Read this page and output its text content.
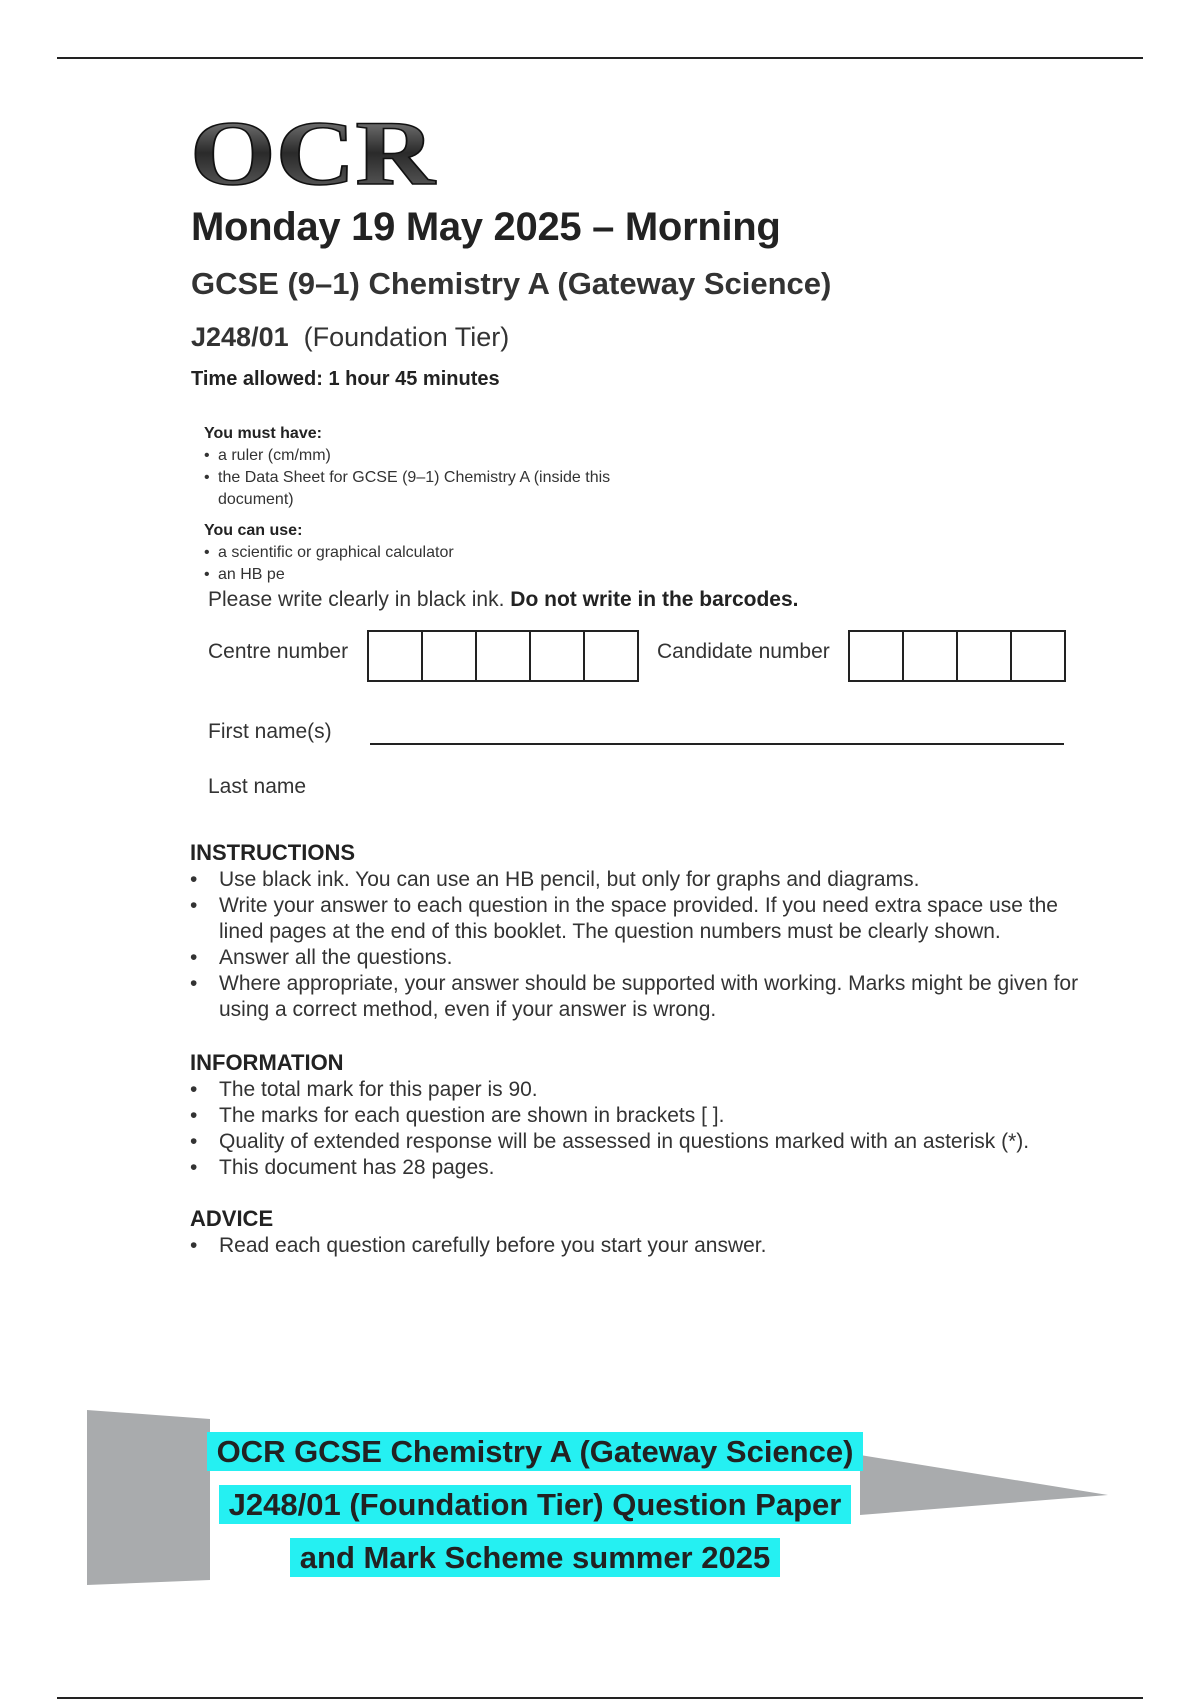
OCR
Monday 19 May 2025 – Morning
GCSE (9–1) Chemistry A (Gateway Science)
J248/01 (Foundation Tier)
Time allowed: 1 hour 45 minutes
You must have:
• a ruler (cm/mm)
• the Data Sheet for GCSE (9–1) Chemistry A (inside this document)
You can use:
• a scientific or graphical calculator
• an HB pe
Please write clearly in black ink. Do not write in the barcodes.
Centre number	Candidate number
First name(s)
Last name
INSTRUCTIONS
• Use black ink. You can use an HB pencil, but only for graphs and diagrams.
• Write your answer to each question in the space provided. If you need extra space use the lined pages at the end of this booklet. The question numbers must be clearly shown.
• Answer all the questions.
• Where appropriate, your answer should be supported with working. Marks might be given for using a correct method, even if your answer is wrong.
INFORMATION
• The total mark for this paper is 90.
• The marks for each question are shown in brackets [ ].
• Quality of extended response will be assessed in questions marked with an asterisk (*).
• This document has 28 pages.
ADVICE
• Read each question carefully before you start your answer.
OCR GCSE Chemistry A (Gateway Science)
J248/01 (Foundation Tier) Question Paper
and Mark Scheme summer 2025
